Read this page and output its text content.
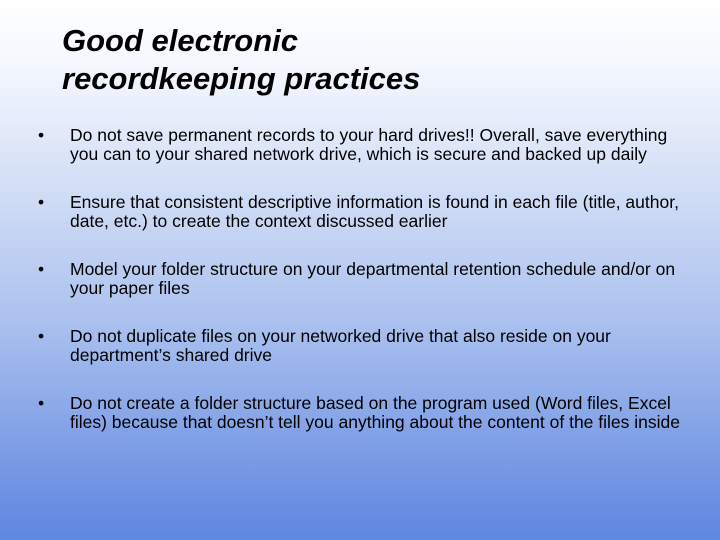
Good electronic
recordkeeping practices
•	Do not save permanent records to your hard drives!! Overall, save everything you can to your shared network drive, which is secure and backed up daily
•	Ensure that consistent descriptive information is found in each file (title, author, date, etc.) to create the context discussed earlier
•	Model your folder structure on your departmental retention schedule and/or on your paper files
•	Do not duplicate files on your networked drive that also reside on your department’s shared drive
•	Do not create a folder structure based on the program used (Word files, Excel files) because that doesn’t tell you anything about the content of the files inside
